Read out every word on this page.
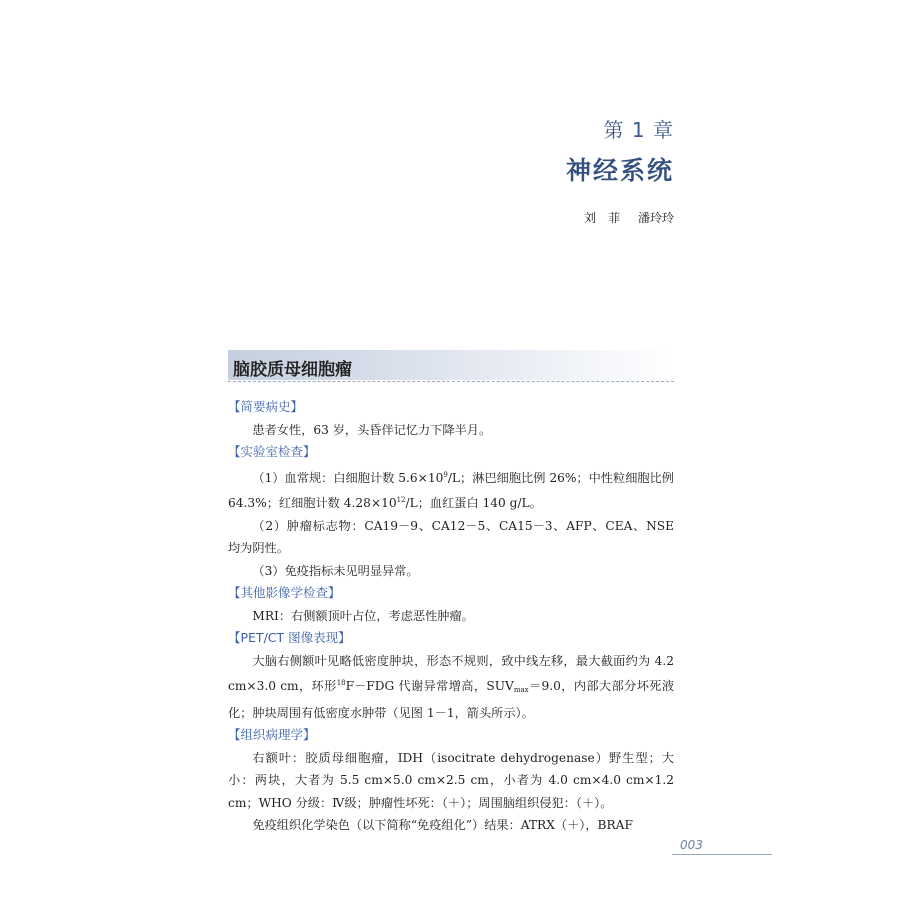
第 1 章
神经系统
刘　菲 潘玲玲
脑胶质母细胞瘤
【简要病史】

患者女性，63 岁，头昏伴记忆力下降半月。

【实验室检查】

（1）血常规：白细胞计数 $5.6\times 10^9/L$；淋巴细胞比例 26%；中性粒细胞比例 64.3%；红细胞计数 $4.28\times 10^{12}/L$；血红蛋白 140 g/L。

（2）肿瘤标志物：CA19－9、CA12－5、CA15－3、AFP、CEA、NSE 均为阴性。

（3）免疫指标未见明显异常。

【其他影像学检查】

MRI：右侧额顶叶占位，考虑恶性肿瘤。

【PET/CT 图像表现】

大脑右侧额叶见略低密度肿块，形态不规则，致中线左移，最大截面约为 4.2 cm×3.0 cm，环形$^{18}$F－FDG 代谢异常增高，$SUV_{max}=9.0$，内部大部分坏死液化；肿块周围有低密度水肿带（见图 1－1，箭头所示）。

【组织病理学】

右额叶：胶质母细胞瘤，IDH（isocitrate dehydrogenase）野生型；大小：两块，大者为 5.5 cm×5.0 cm×2.5 cm，小者为 4.0 cm×4.0 cm×1.2 cm；WHO 分级：Ⅳ级；肿瘤性坏死：（＋）；周围脑组织侵犯：（＋）。

免疫组织化学染色（以下简称“免疫组化”）结果：ATRX（＋），BRAF

003
